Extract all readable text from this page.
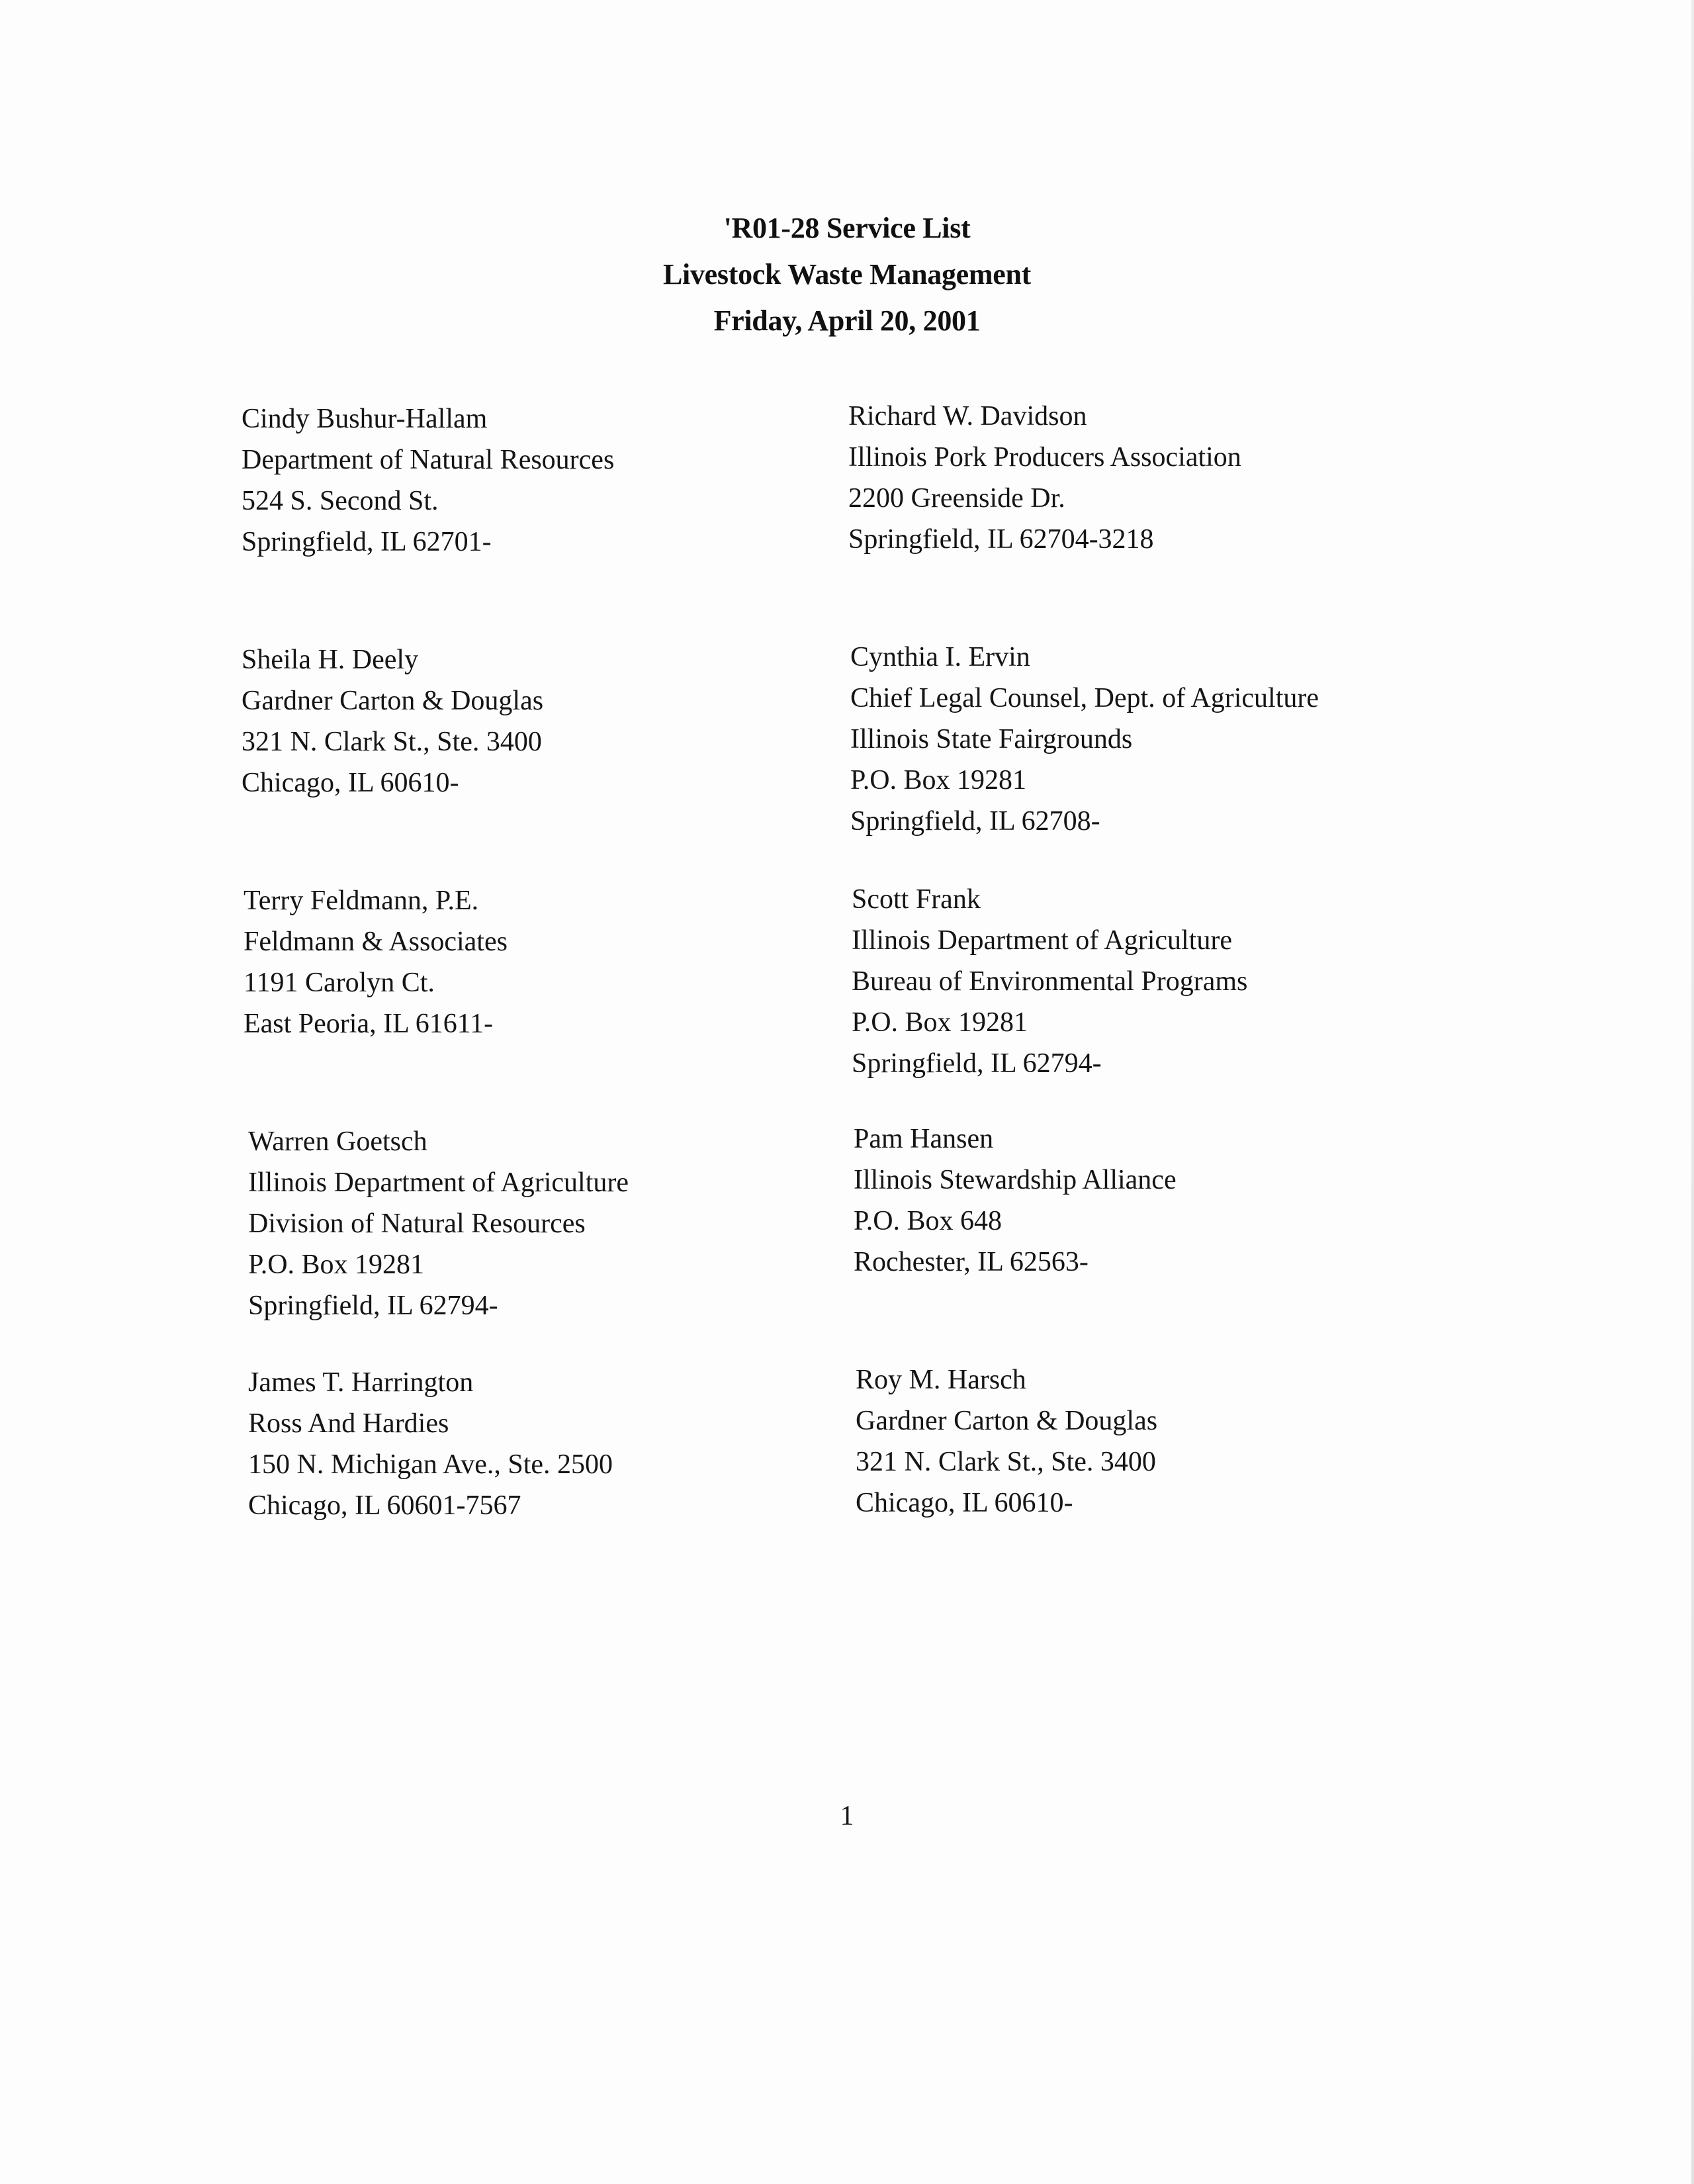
'R01-28 Service List
Livestock Waste Management
Friday, April 20, 2001
Cindy Bushur-Hallam
Department of Natural Resources
524 S. Second St.
Springfield, IL 62701-
Richard W. Davidson
Illinois Pork Producers Association
2200 Greenside Dr.
Springfield, IL 62704-3218
Sheila H. Deely
Gardner Carton & Douglas
321 N. Clark St., Ste. 3400
Chicago, IL 60610-
Cynthia I. Ervin
Chief Legal Counsel, Dept. of Agriculture
Illinois State Fairgrounds
P.O. Box 19281
Springfield, IL 62708-
Terry Feldmann, P.E.
Feldmann & Associates
1191 Carolyn Ct.
East Peoria, IL 61611-
Scott Frank
Illinois Department of Agriculture
Bureau of Environmental Programs
P.O. Box 19281
Springfield, IL 62794-
Warren Goetsch
Illinois Department of Agriculture
Division of Natural Resources
P.O. Box 19281
Springfield, IL 62794-
Pam Hansen
Illinois Stewardship Alliance
P.O. Box 648
Rochester, IL 62563-
James T. Harrington
Ross And Hardies
150 N. Michigan Ave., Ste. 2500
Chicago, IL 60601-7567
Roy M. Harsch
Gardner Carton & Douglas
321 N. Clark St., Ste. 3400
Chicago, IL 60610-
1
